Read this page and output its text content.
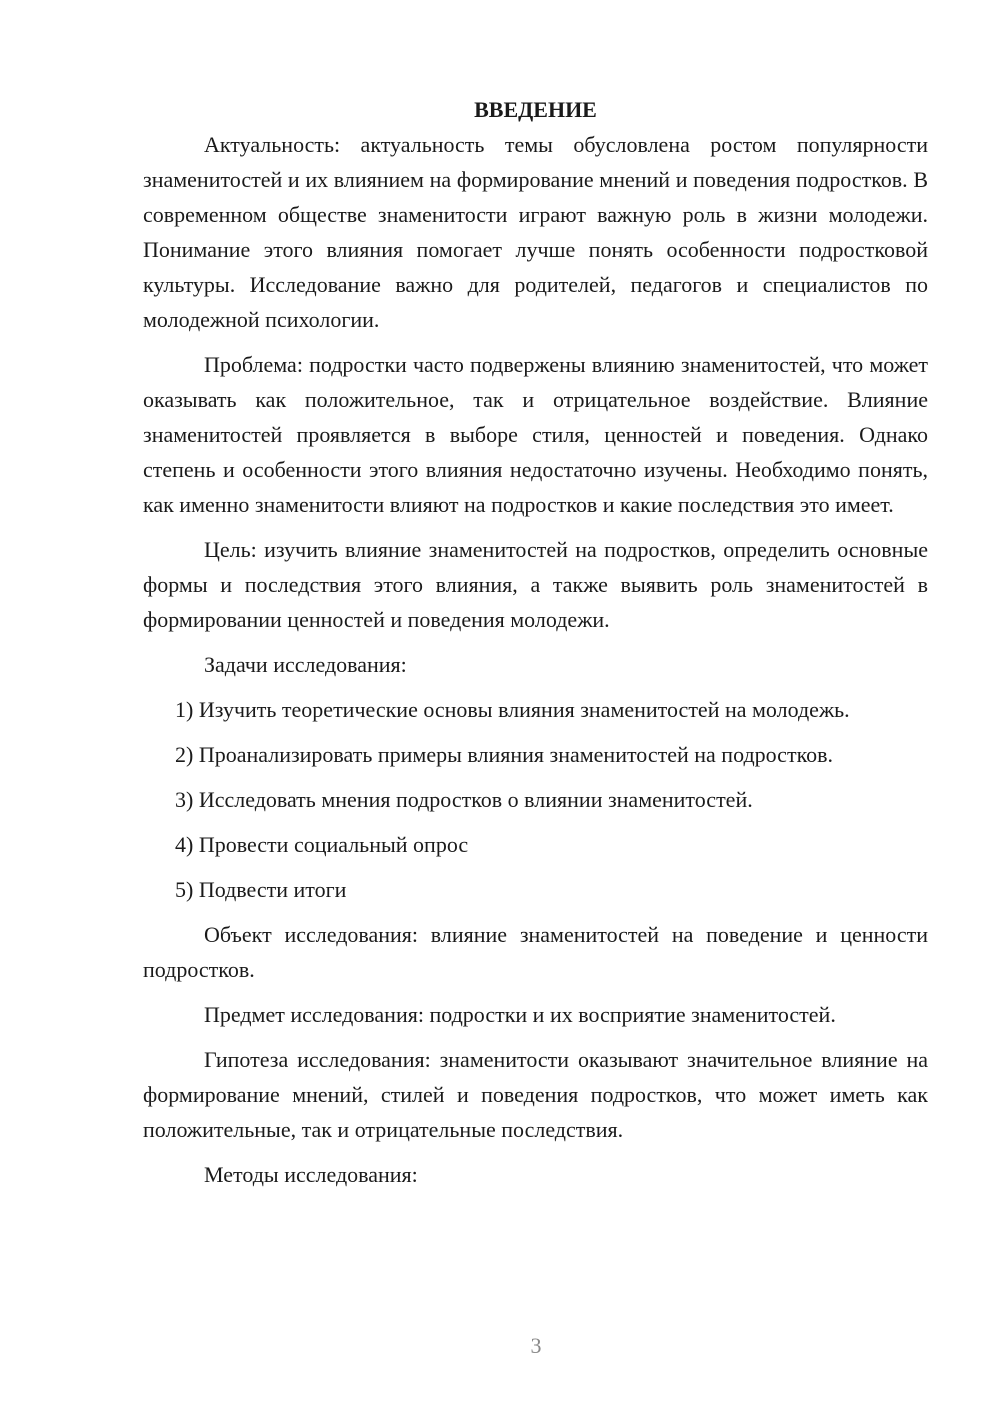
ВВЕДЕНИЕ

Актуальность: актуальность темы обусловлена ростом популярности знаменитостей и их влиянием на формирование мнений и поведения подростков. В современном обществе знаменитости играют важную роль в жизни молодежи. Понимание этого влияния помогает лучше понять особенности подростковой культуры. Исследование важно для родителей, педагогов и специалистов по молодежной психологии.

Проблема: подростки часто подвержены влиянию знаменитостей, что может оказывать как положительное, так и отрицательное воздействие. Влияние знаменитостей проявляется в выборе стиля, ценностей и поведения. Однако степень и особенности этого влияния недостаточно изучены. Необходимо понять, как именно знаменитости влияют на подростков и какие последствия это имеет.

Цель: изучить влияние знаменитостей на подростков, определить основные формы и последствия этого влияния, а также выявить роль знаменитостей в формировании ценностей и поведения молодежи.

Задачи исследования:

1) Изучить теоретические основы влияния знаменитостей на молодежь.

2) Проанализировать примеры влияния знаменитостей на подростков.

3) Исследовать мнения подростков о влиянии знаменитостей.

4) Провести социальный опрос

5) Подвести итоги

Объект исследования: влияние знаменитостей на поведение и ценности подростков.

Предмет исследования: подростки и их восприятие знаменитостей.

Гипотеза исследования: знаменитости оказывают значительное влияние на формирование мнений, стилей и поведения подростков, что может иметь как положительные, так и отрицательные последствия.

Методы исследования:

3
